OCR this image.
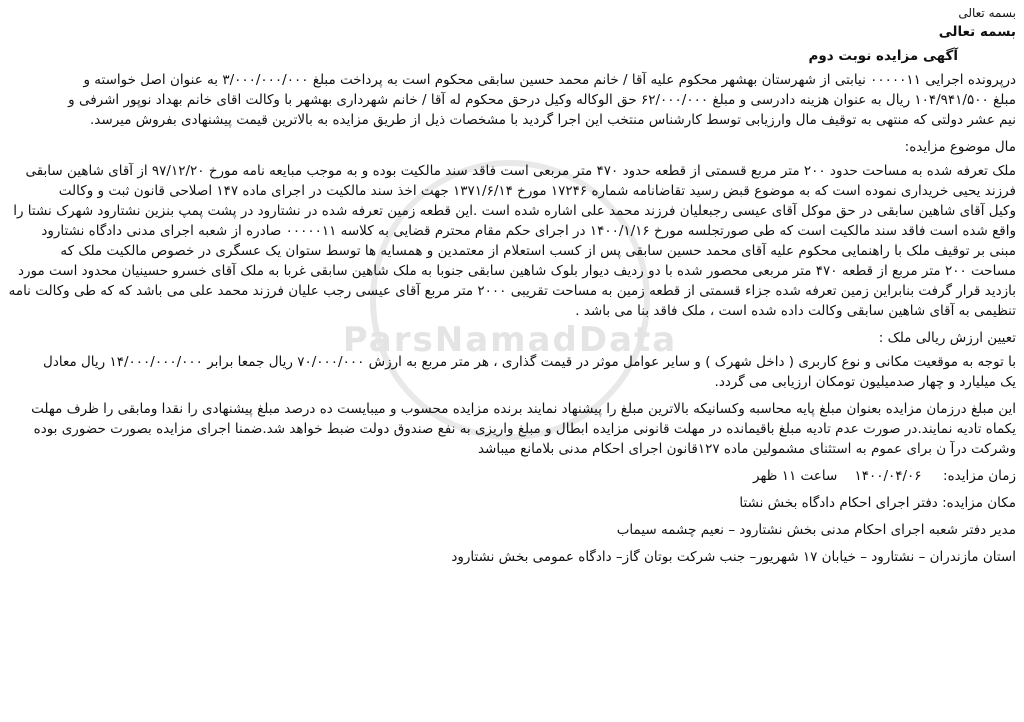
ParsNamadData
بسمه تعالی
بسمه تعالی
آگهی مزایده نوبت دوم
درپرونده اجرایی ۰۰۰۰۰۱۱ نیابتی از شهرستان بهشهر محکوم علیه آقا / خانم محمد حسین سابقی محکوم است به پرداخت مبلغ ۳/۰۰۰/۰۰۰/۰۰۰ به عنوان اصل خواسته و
مبلغ ۱۰۴/۹۴۱/۵۰۰ ریال به عنوان هزینه دادرسی و مبلغ ۶۲/۰۰۰/۰۰۰ حق الوکاله وکیل درحق محکوم له آقا / خانم شهرداری بهشهر با وکالت اقای خانم بهداد نوپور اشرفی و
نیم عشر دولتی که منتهی به توقیف مال وارزیابی توسط کارشناس منتخب این اجرا گردید با مشخصات ذیل از طریق مزایده به بالاترین قیمت پیشنهادی بفروش میرسد.
مال موضوع مزایده:
ملک تعرفه شده به مساحت حدود ۲۰۰ متر مربع قسمتی از قطعه حدود ۴۷۰ متر مربعی است فاقد سند مالکیت بوده و به موجب مبایعه نامه مورخ ۹۷/۱۲/۲۰ از آقای شاهین سابقی
فرزند یحیی خریداری نموده است که به موضوع قبض رسید تقاضانامه شماره ۱۷۲۴۶ مورخ ۱۳۷۱/۶/۱۴ جهت اخذ سند مالکیت در اجرای ماده ۱۴۷ اصلاحی قانون ثبت و وکالت
وکیل آقای شاهین سابقی در حق موکل آقای عیسی رجبعلیان فرزند محمد علی اشاره شده است .این قطعه زمین تعرفه شده در نشتارود در پشت پمپ بنزین نشتارود شهرک نشتا را
واقع شده است فاقد سند مالکیت است که طی صورتجلسه مورخ ۱۴۰۰/۱/۱۶ در اجرای حکم مقام محترم قضایی به کلاسه ۰۰۰۰۰۱۱ صادره از شعبه اجرای مدنی دادگاه نشتارود
مبنی بر توقیف ملک با راهنمایی محکوم علیه آقای محمد حسین سابقی پس از کسب استعلام از معتمدین و همسایه ها توسط ستوان یک عسگری در خصوص مالکیت ملک که
مساحت ۲۰۰ متر مربع از قطعه ۴۷۰ متر مربعی محصور شده با دو ردیف دیوار بلوک شاهین سابقی جنوبا به ملک شاهین سابقی غربا به ملک آقای خسرو حسینیان محدود است مورد
بازدید قرار گرفت بنابراین زمین تعرفه شده جزاء قسمتی از قطعه زمین به مساحت تقریبی ۲۰۰۰ متر مربع آقای عیسی رجب علیان فرزند محمد علی می باشد که که طی وکالت نامه
تنظیمی به آقای شاهین سابقی وکالت داده شده است ، ملک فاقد بنا می باشد .
تعیین ارزش ریالی ملک :
با توجه به موقعیت مکانی و نوع کاربری ( داخل شهرک ) و سایر عوامل موثر در قیمت گذاری ، هر متر مربع به ارزش ۷۰/۰۰۰/۰۰۰ ریال جمعا برابر ۱۴/۰۰۰/۰۰۰/۰۰۰ ریال معادل
یک میلیارد و چهار صدمیلیون تومکان ارزیابی می گردد.
این مبلغ درزمان مزایده بعنوان مبلغ پایه محاسبه وکسانیکه بالاترین مبلغ را پیشنهاد نمایند برنده مزایده محسوب و میبایست ده درصد مبلغ پیشنهادی را نقدا ومابقی را ظرف مهلت
یکماه تادیه نمایند.در صورت عدم تادیه مبلغ باقیمانده در مهلت قانونی مزایده ابطال و مبلغ واریزی به نفع صندوق دولت ضبط خواهد شد.ضمنا اجرای مزایده بصورت حضوری بوده
وشرکت درآ ن برای عموم به استثنای مشمولین ماده ۱۲۷قانون اجرای احکام مدنی بلامانع میباشد
زمان مزایده:     ۱۴۰۰/۰۴/۰۶    ساعت ۱۱ ظهر
مکان مزایده: دفتر اجرای احکام دادگاه بخش نشتا
مدیر دفتر شعبه اجرای احکام مدنی بخش نشتارود – نعیم چشمه سیماب
استان مازندران – نشتارود – خیابان ۱۷ شهریور– جنب شرکت بوتان گاز– دادگاه عمومی بخش نشتارود
